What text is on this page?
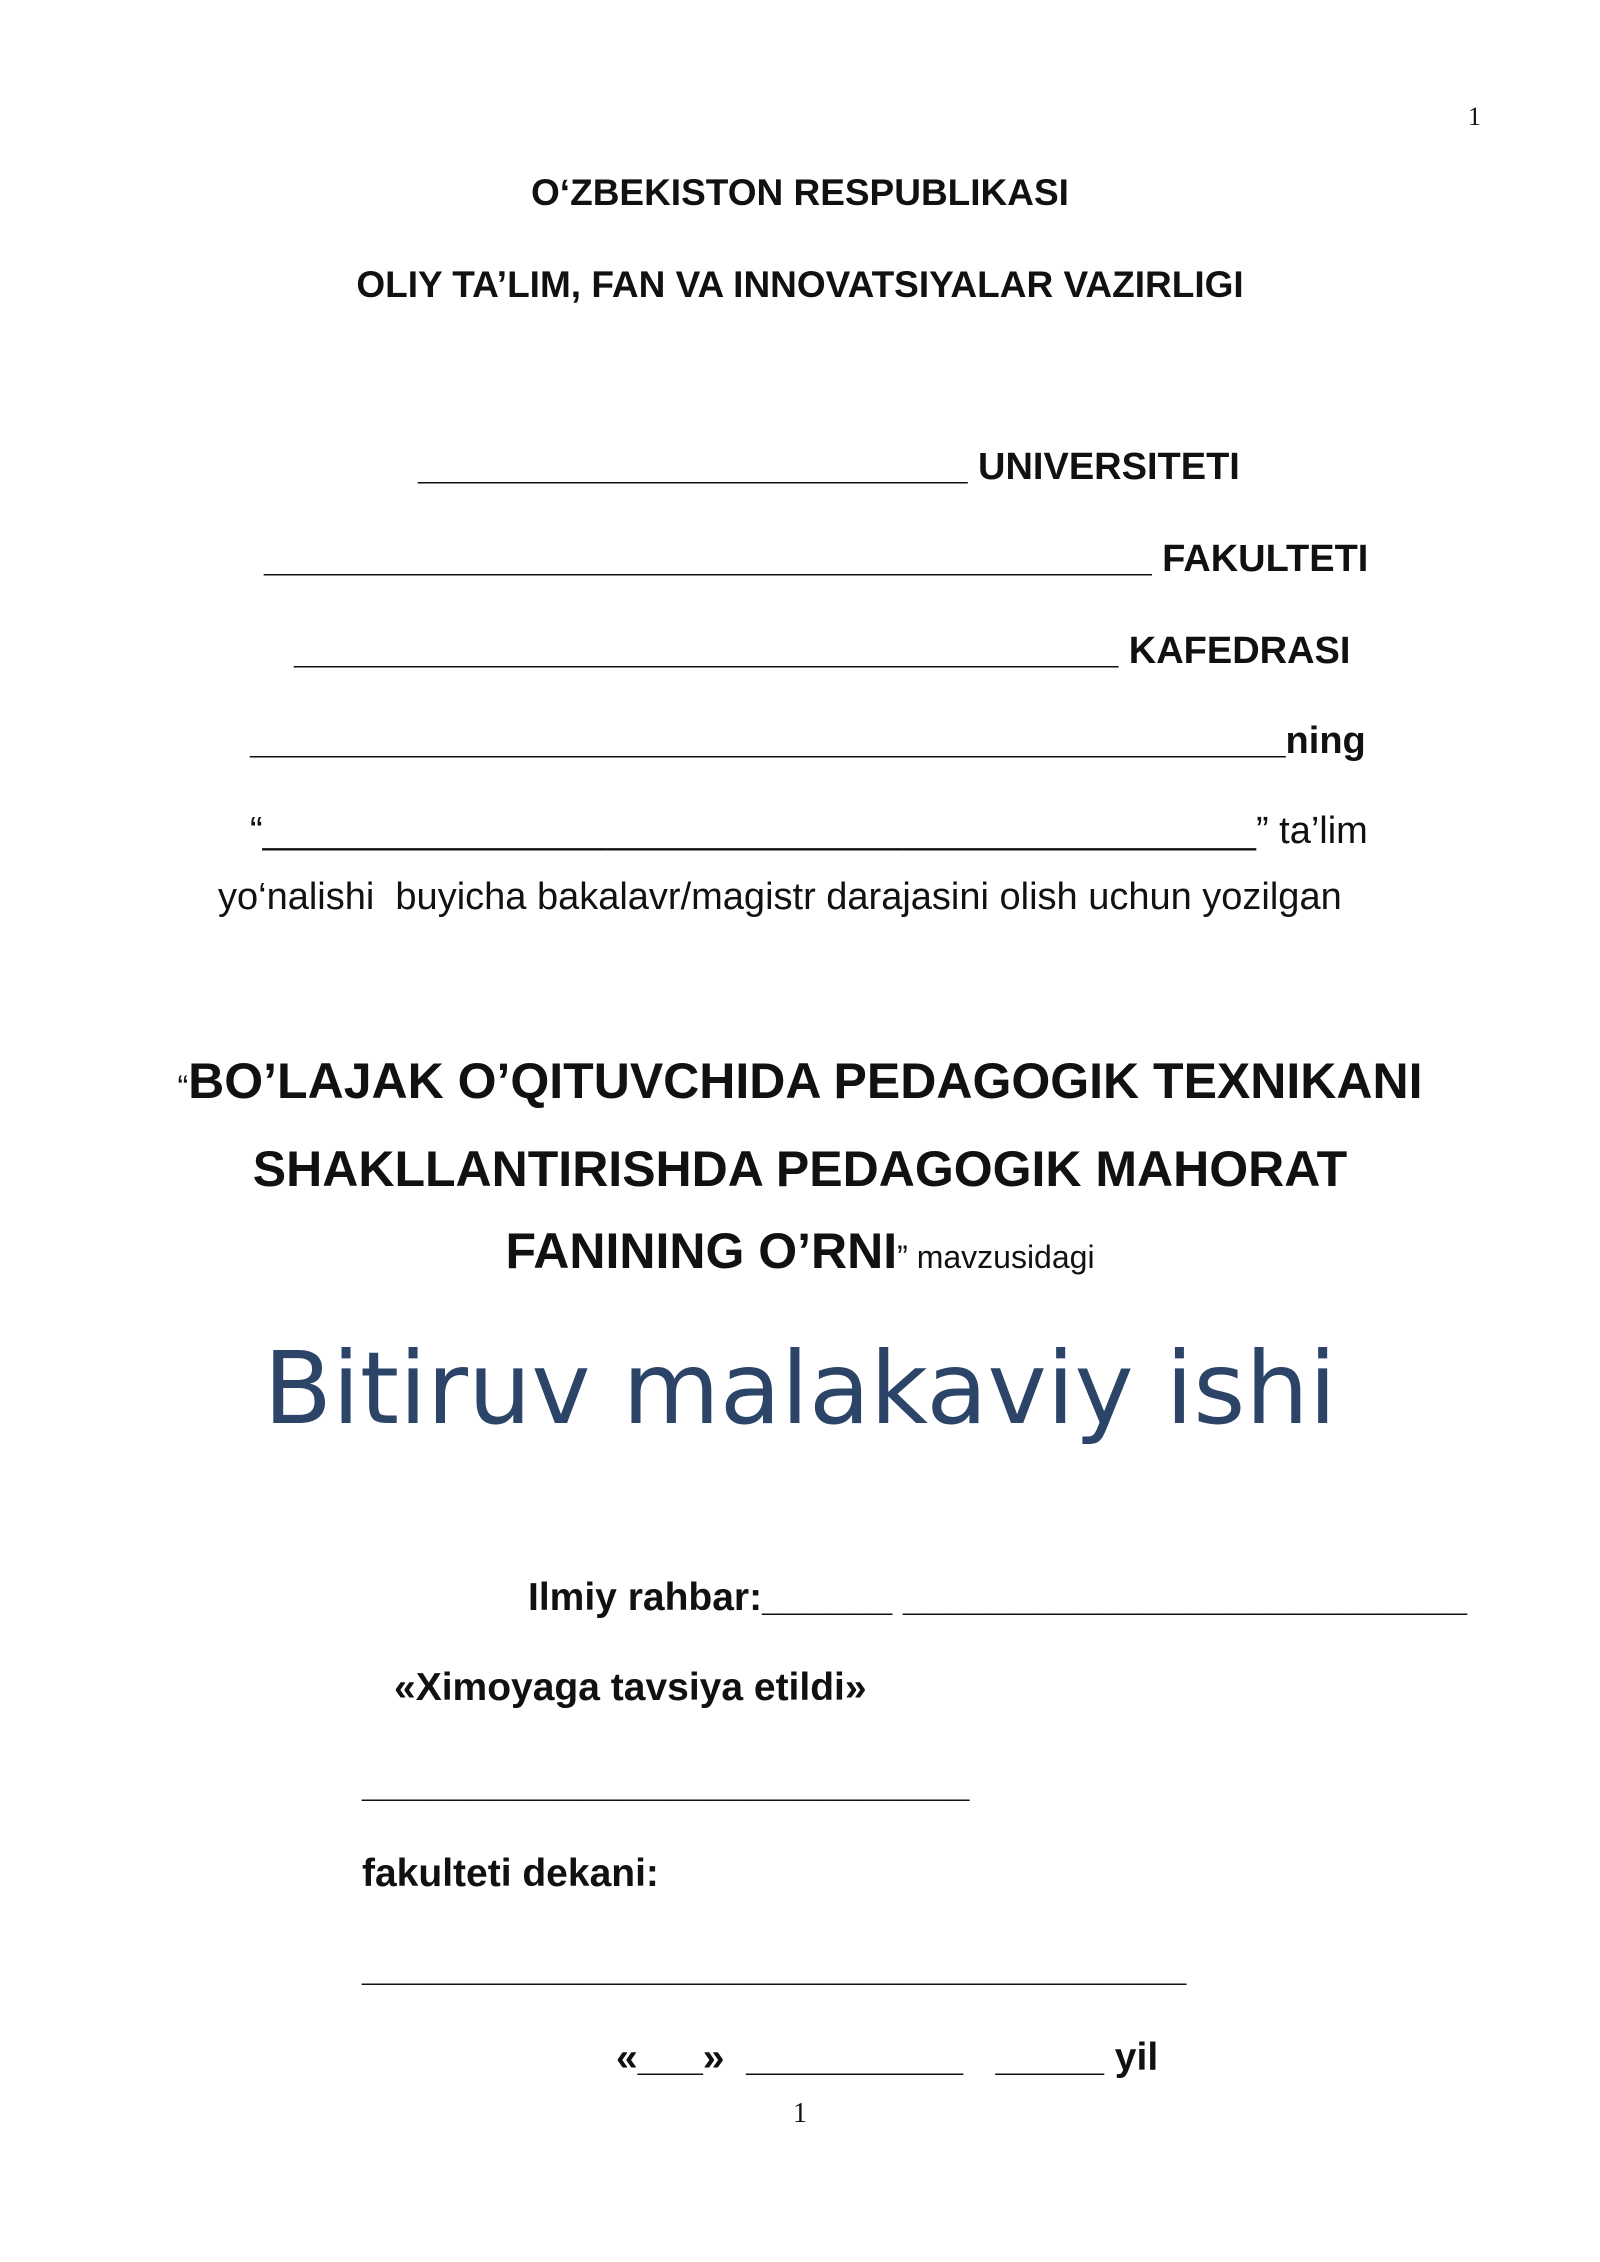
1
O‘ZBEKISTON RESPUBLIKASI
OLIY TA’LIM, FAN VA INNOVATSIYALAR VAZIRLIGI
__________________________ UNIVERSITETI
__________________________________________ FAKULTETI
_______________________________________ KAFEDRASI
_________________________________________________ning
“_______________________________________________” ta’lim
yo‘nalishi  buyicha bakalavr/magistr darajasini olish uchun yozilgan
“BO’LAJAK O’QITUVCHIDA PEDAGOGIK TEXNIKANI
SHAKLLANTIRISHDA PEDAGOGIK MAHORAT
FANINING O’RNI” mavzusidagi
Bitiruv malakaviy ishi
Ilmiy rahbar:______ __________________________
«Ximoyaga tavsiya etildi»
____________________________
fakulteti dekani:
______________________________________
«___»  __________   _____ yil
1
